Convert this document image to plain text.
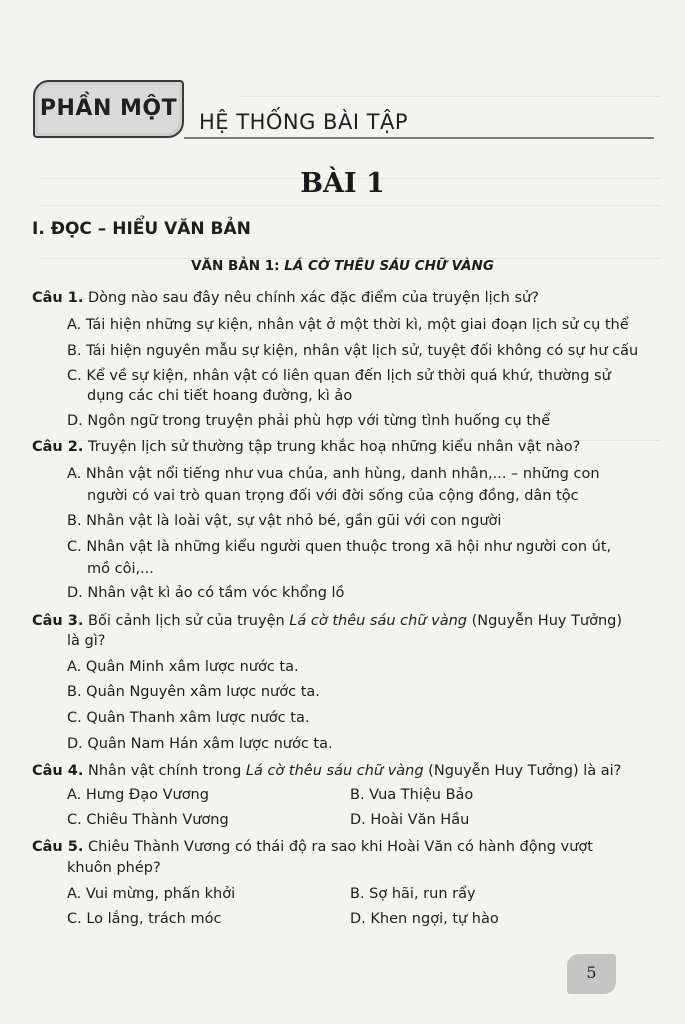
PHẦN MỘT
HỆ THỐNG BÀI TẬP
BÀI 1
I. ĐỌC – HIỂU VĂN BẢN
VĂN BẢN 1: LÁ CỜ THÊU SÁU CHỮ VÀNG
Câu 1. Dòng nào sau đây nêu chính xác đặc điểm của truyện lịch sử?
A. Tái hiện những sự kiện, nhân vật ở một thời kì, một giai đoạn lịch sử cụ thể
B. Tái hiện nguyên mẫu sự kiện, nhân vật lịch sử, tuyệt đối không có sự hư cấu
C. Kể về sự kiện, nhân vật có liên quan đến lịch sử thời quá khứ, thường sử
dụng các chi tiết hoang đường, kì ảo
D. Ngôn ngữ trong truyện phải phù hợp với từng tình huống cụ thể
Câu 2. Truyện lịch sử thường tập trung khắc hoạ những kiểu nhân vật nào?
A. Nhân vật nổi tiếng như vua chúa, anh hùng, danh nhân,... – những con
người có vai trò quan trọng đối với đời sống của cộng đồng, dân tộc
B. Nhân vật là loài vật, sự vật nhỏ bé, gần gũi với con người
C. Nhân vật là những kiểu người quen thuộc trong xã hội như người con út,
mồ côi,...
D. Nhân vật kì ảo có tầm vóc khổng lồ
Câu 3. Bối cảnh lịch sử của truyện Lá cờ thêu sáu chữ vàng (Nguyễn Huy Tưởng)
là gì?
A. Quân Minh xâm lược nước ta.
B. Quân Nguyên xâm lược nước ta.
C. Quân Thanh xâm lược nước ta.
D. Quân Nam Hán xâm lược nước ta.
Câu 4. Nhân vật chính trong Lá cờ thêu sáu chữ vàng (Nguyễn Huy Tưởng) là ai?
A. Hưng Đạo Vương	B. Vua Thiệu Bảo
C. Chiêu Thành Vương	D. Hoài Văn Hầu
Câu 5. Chiêu Thành Vương có thái độ ra sao khi Hoài Văn có hành động vượt
khuôn phép?
A. Vui mừng, phấn khởi	B. Sợ hãi, run rẩy
C. Lo lắng, trách móc	D. Khen ngợi, tự hào
5
